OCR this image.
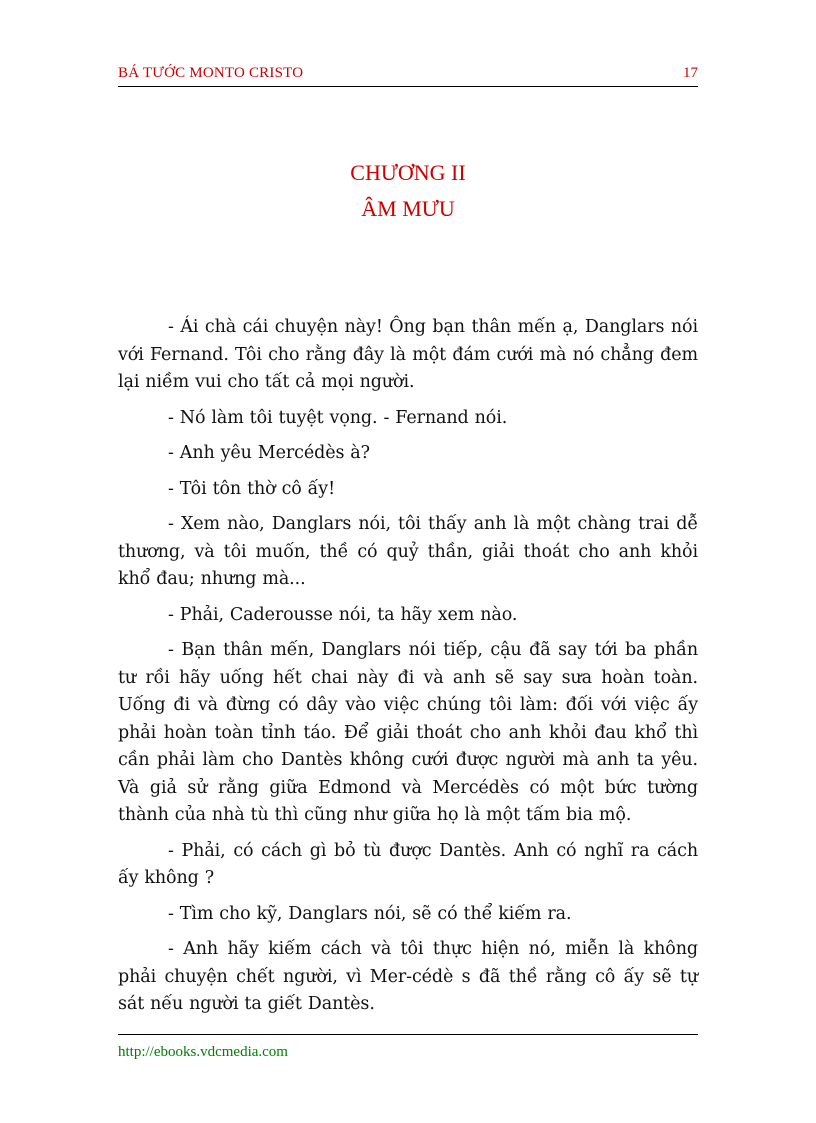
BÁ TƯỚC MONTO CRISTO	17
CHƯƠNG II
ÂM MƯU

- Ái chà cái chuyện này! Ông bạn thân mến ạ, Danglars nói với Fernand. Tôi cho rằng đây là một đám cưới mà nó chẳng đem lại niềm vui cho tất cả mọi người.

- Nó làm tôi tuyệt vọng. - Fernand nói.

- Anh yêu Mercédès à?

- Tôi tôn thờ cô ấy!

- Xem nào, Danglars nói, tôi thấy anh là một chàng trai dễ thương, và tôi muốn, thề có quỷ thần, giải thoát cho anh khỏi khổ đau; nhưng mà...

- Phải, Caderousse nói, ta hãy xem nào.

- Bạn thân mến, Danglars nói tiếp, cậu đã say tới ba phần tư rồi hãy uống hết chai này đi và anh sẽ say sưa hoàn toàn. Uống đi và đừng có dây vào việc chúng tôi làm: đối với việc ấy phải hoàn toàn tỉnh táo. Để giải thoát cho anh khỏi đau khổ thì cần phải làm cho Dantès không cưới được người mà anh ta yêu. Và giả sử rằng giữa Edmond và Mercédès có một bức tường thành của nhà tù thì cũng như giữa họ là một tấm bia mộ.

- Phải, có cách gì bỏ tù được Dantès. Anh có nghĩ ra cách ấy không ?

- Tìm cho kỹ, Danglars nói, sẽ có thể kiếm ra.

- Anh hãy kiếm cách và tôi thực hiện nó, miễn là không phải chuyện chết người, vì Mer-cédè s đã thề rằng cô ấy sẽ tự sát nếu người ta giết Dantès.

http://ebooks.vdcmedia.com
